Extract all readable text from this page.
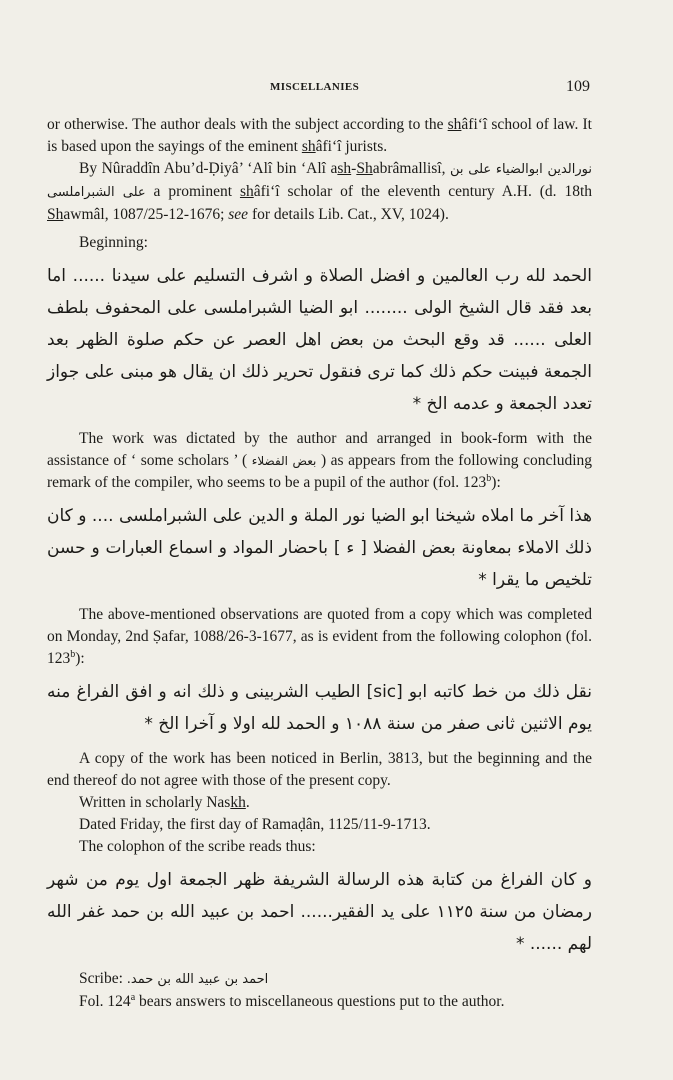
MISCELLANIES	109

or otherwise. The author deals with the subject according to the shâfi‘î school of law. It is based upon the sayings of the eminent shâfi‘î jurists.

By Nûraddîn Abu’d-Ḍiyâ’ ‘Alî bin ‘Alî ash-Shabrâmallisî, نورالدين ابوالضياء على بن على الشبراملسى a prominent shâfi‘î scholar of the eleventh century A.H. (d. 18th Shawmâl, 1087/25-12-1676; see for details Lib. Cat., XV, 1024).

Beginning:

الحمد لله رب العالمين و افضل الصلاة و اشرف التسليم على سيدنا ...... اما بعد فقد قال الشيخ الولى ........ ابو الضيا الشبراملسى على المحفوف بلطف العلى ...... قد وقع البحث من بعض اهل العصر عن حكم صلوة الظهر بعد الجمعة فبينت حكم ذلك كما ترى فنقول تحرير ذلك ان يقال هو مبنى على جواز تعدد الجمعة و عدمه الخ *

The work was dictated by the author and arranged in book-form with the assistance of ‘ some scholars ’ ( بعض الفضلاء ) as appears from the following concluding remark of the compiler, who seems to be a pupil of the author (fol. 123$^b$):

هذا آخر ما املاه شيخنا ابو الضيا نور الملة و الدين على الشبراملسى .... و كان ذلك الاملاء بمعاونة بعض الفضلا [ ء ] باحضار المواد و اسماع العبارات و حسن تلخيص ما يقرا *

The above-mentioned observations are quoted from a copy which was completed on Monday, 2nd Ṣafar, 1088/26-3-1677, as is evident from the following colophon (fol. 123$^b$):

نقل ذلك من خط كاتبه ابو [sic] الطيب الشربينى و ذلك انه و افق الفراغ منه يوم الاثنين ثانى صفر من سنة ١٠٨٨ و الحمد لله اولا و آخرا الخ *

A copy of the work has been noticed in Berlin, 3813, but the beginning and the end thereof do not agree with those of the present copy.

Written in scholarly Naskh.

Dated Friday, the first day of Ramaḍân, 1125/11-9-1713.

The colophon of the scribe reads thus:

و كان الفراغ من كتابة هذه الرسالة الشريفة ظهر الجمعة اول يوم من شهر رمضان من سنة ١١٢٥ على يد الفقير...... احمد بن عبيد الله بن حمد غفر الله لهم ...... *

Scribe: احمد بن عبيد الله بن حمد.

Fol. 124$^a$ bears answers to miscellaneous questions put to the author.
